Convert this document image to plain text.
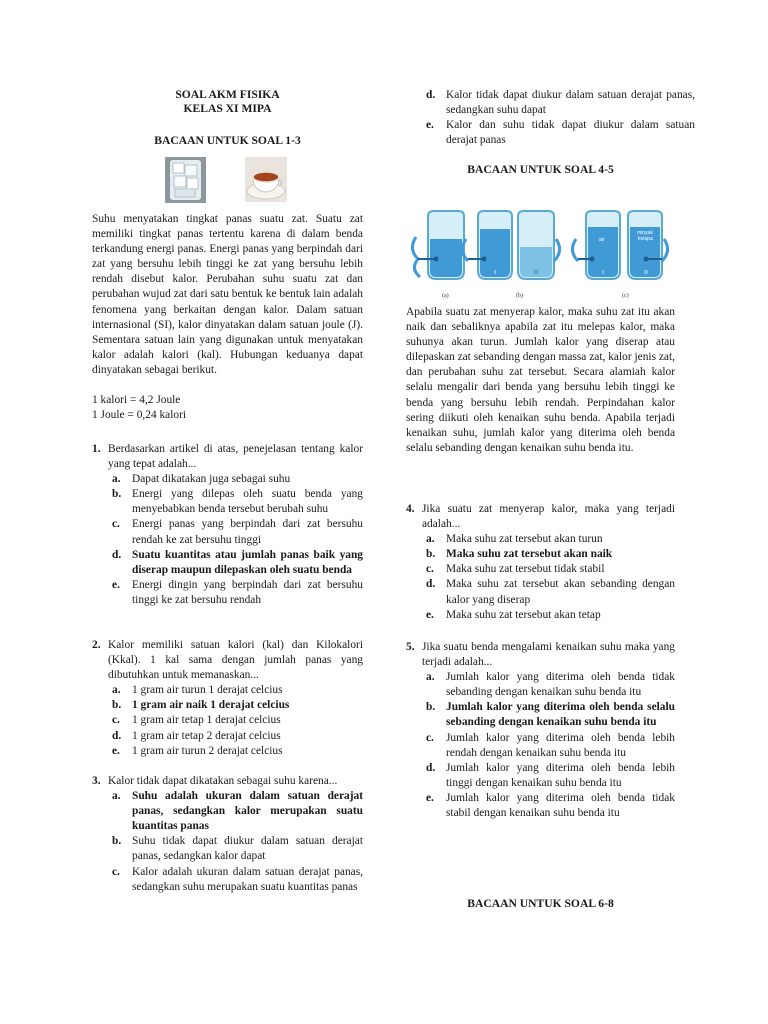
SOAL AKM FISIKA
KELAS XI MIPA
BACAAN UNTUK SOAL 1-3

Suhu menyatakan tingkat panas suatu zat. Suatu zat memiliki tingkat panas tertentu karena di dalam benda terkandung energi panas. Energi panas yang berpindah dari zat yang bersuhu lebih tinggi ke zat yang bersuhu lebih rendah disebut kalor. Perubahan suhu suatu zat dan perubahan wujud zat dari satu bentuk ke bentuk lain adalah fenomena yang berkaitan dengan kalor. Dalam satuan internasional (SI), kalor dinyatakan dalam satuan joule (J). Sementara satuan lain yang digunakan untuk menyatakan kalor adalah kalori (kal). Hubungan keduanya dapat dinyatakan sebagai berikut.

1 kalori = 4,2 Joule
1 Joule = 0,24 kalori
1. Berdasarkan artikel di atas, penejelasan tentang kalor yang tepat adalah...
a.	Dapat dikatakan juga sebagai suhu
b. Energi yang dilepas oleh suatu benda yang menyebabkan benda tersebut berubah suhu
c.	Energi panas yang berpindah dari zat bersuhu rendah ke zat bersuhu tinggi
d. Suatu kuantitas atau jumlah panas baik yang diserap maupun dilepaskan oleh suatu benda
e.	Energi dingin yang berpindah dari zat bersuhu tinggi ke zat bersuhu rendah
2. Kalor memiliki satuan kalori (kal) dan Kilokalori (Kkal). 1 kal sama dengan jumlah panas yang dibutuhkan untuk memanaskan...
a.	1 gram air turun 1 derajat celcius
b. 1 gram air naik 1 derajat celcius
c.	1 gram air tetap 1 derajat celcius
d. 1 gram air tetap 2 derajat celcius
e.	1 gram air turun 2 derajat celcius
3. Kalor tidak dapat dikatakan sebagai suhu karena...
a.	Suhu adalah ukuran dalam satuan derajat panas, sedangkan kalor merupakan suatu kuantitas panas
b. Suhu tidak dapat diukur dalam satuan derajat panas, sedangkan kalor dapat
c.	Kalor adalah ukuran dalam satuan derajat panas, sedangkan suhu merupakan suatu kuantitas panas
d. Kalor tidak dapat diukur dalam satuan derajat panas, sedangkan suhu dapat
e.	Kalor dan suhu tidak dapat diukur dalam satuan derajat panas
BACAAN UNTUK SOAL 4-5
I	II
air
I
minyak
kelapa
II
(a)	(b)	(c)

Apabila suatu zat menyerap kalor, maka suhu zat itu akan naik dan sebaliknya apabila zat itu melepas kalor, maka suhunya akan turun. Jumlah kalor yang diserap atau dilepaskan zat sebanding dengan massa zat, kalor jenis zat, dan perubahan suhu zat tersebut. Secara alamiah kalor selalu mengalir dari benda yang bersuhu lebih tinggi ke benda yang bersuhu lebih rendah. Perpindahan kalor sering diikuti oleh kenaikan suhu benda. Apabila terjadi kenaikan suhu, jumlah kalor yang diterima oleh benda selalu sebanding dengan kenaikan suhu benda itu.

4. Jika suatu zat menyerap kalor, maka yang terjadi adalah...
a.	Maka suhu zat tersebut akan turun
b. Maka suhu zat tersebut akan naik
c.	Maka suhu zat tersebut tidak stabil
d. Maka suhu zat tersebut akan sebanding dengan kalor yang diserap
e.	Maka suhu zat tersebut akan tetap
5. Jika suatu benda mengalami kenaikan suhu maka yang terjadi adalah...
a.	Jumlah kalor yang diterima oleh benda tidak sebanding dengan kenaikan suhu benda itu
b. Jumlah kalor yang diterima oleh benda selalu sebanding dengan kenaikan suhu benda itu
c.	Jumlah kalor yang diterima oleh benda lebih rendah dengan kenaikan suhu benda itu
d. Jumlah kalor yang diterima oleh benda lebih tinggi dengan kenaikan suhu benda itu
e.	Jumlah kalor yang diterima oleh benda tidak stabil dengan kenaikan suhu benda itu
BACAAN UNTUK SOAL 6-8
